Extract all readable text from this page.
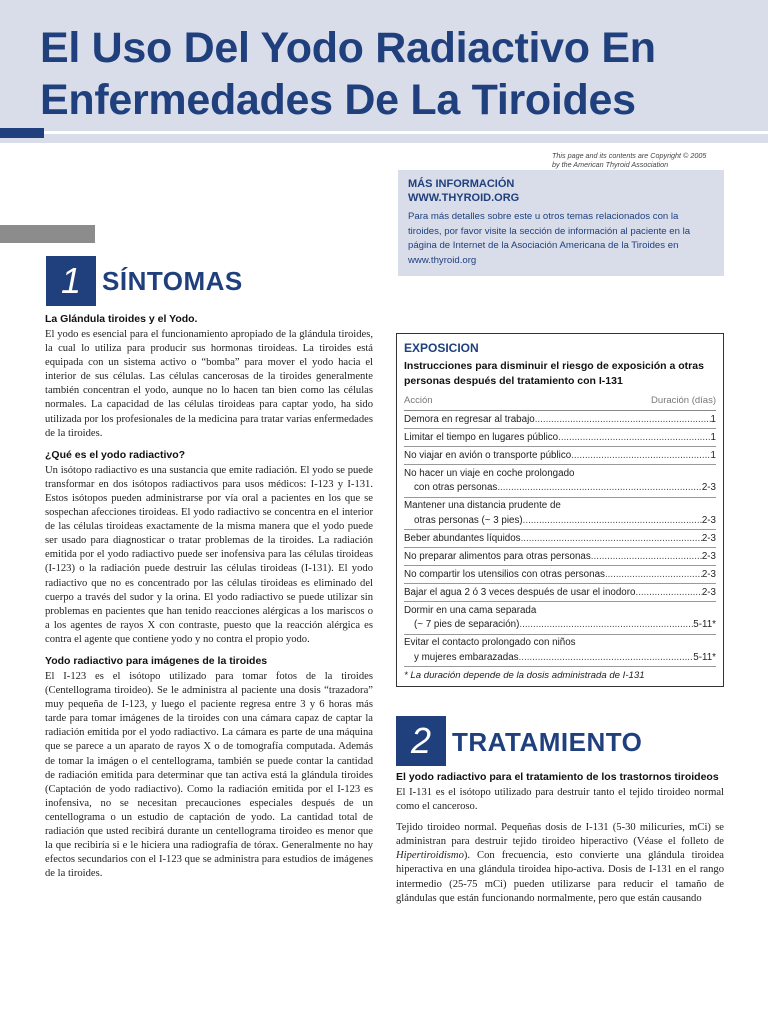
El Uso Del Yodo Radiactivo En
Enfermedades De La Tiroides
This page and its contents are Copyright © 2005
by the American Thyroid Association
MÁS INFORMACIÓN
WWW.THYROID.ORG
Para más detalles sobre este u otros temas relacionados con la tiroides, por favor visite la sección de información al paciente en la página de Internet de la Asociación Americana de la Tiroides en www.thyroid.org
1 SÍNTOMAS
La Glándula tiroides y el Yodo.

El yodo es esencial para el funcionamiento apropiado de la glándula tiroides, la cual lo utiliza para producir sus hormonas tiroideas. La tiroides está equipada con un sistema activo o “bomba” para mover el yodo hacia el interior de sus células. Las células cancerosas de la tiroides generalmente también concentran el yodo, aunque no lo hacen tan bien como las células normales. La capacidad de las células tiroideas para captar yodo, ha sido utilizada por los profesionales de la medicina para tratar varias enfermedades de la tiroides.

¿Qué es el yodo radiactivo?

Un isótopo radiactivo es una sustancia que emite radiación. El yodo se puede transformar en dos isótopos radiactivos para usos médicos: I-123 y I-131. Estos isótopos pueden administrarse por vía oral a pacientes en los que se sospechan afecciones tiroideas. El yodo radiactivo se concentra en el interior de las células tiroideas exactamente de la misma manera que el yodo puede ser usado para diagnosticar o tratar problemas de la tiroides. La radiación emitida por el yodo radiactivo puede ser inofensiva para las células tiroideas (I-123) o la radiación puede destruir las células tiroideas (I-131). El yodo radiactivo que no es concentrado por las células tiroideas es eliminado del cuerpo a través del sudor y la orina. El yodo radiactivo se puede utilizar sin problemas en pacientes que han tenido reacciones alérgicas a los mariscos o a los agentes de rayos X con contraste, puesto que la reacción alérgica es contra el agente que contiene yodo y no contra el propio yodo.

Yodo radiactivo para imágenes de la tiroides

El I-123 es el isótopo utilizado para tomar fotos de la tiroides (Centellograma tiroideo). Se le administra al paciente una dosis “trazadora” muy pequeña de I-123, y luego el paciente regresa entre 3 y 6 horas más tarde para tomar imágenes de la tiroides con una cámara capaz de captar la radiación emitida por el yodo radiactivo. La cámara es parte de una máquina que se parece a un aparato de rayos X o de tomografía computada. Además de tomar la imágen o el centellograma, también se puede contar la cantidad de radiación emitida para determinar que tan activa está la glándula tiroides (Captación de yodo radiactivo). Como la radiación emitida por el I-123 es inofensiva, no se necesitan precauciones especiales después de un centellograma o un estudio de captación de yodo. La cantidad total de radiación que usted recibirá durante un centellograma tiroideo es menor que la que recibiría si e le hiciera una radiografía de tórax. Generalmente no hay efectos secundarios con el I-123 que se administra para estudios de imágenes de la tiroides.

EXPOSICION
Instrucciones para disminuir el riesgo de exposición a otras personas después del tratamiento con I-131
Acción	Duración (días)
Demora en regresar al trabajo .....	1
Limitar el tiempo en lugares público .....	1
No viajar en avión o transporte público .....	1
No hacer un viaje en coche prolongado
con otras personas .....	2-3
Mantener una distancia prudente de
otras personas (~ 3 pies) .....	2-3
Beber abundantes líquidos .....	2-3
No preparar alimentos para otras personas .....	2-3
No compartir los utensilios con otras personas .....	2-3
Bajar el agua 2 ó 3 veces después de usar el inodoro .....	2-3
Dormir en una cama separada
(~ 7 pies de separación) .....	5-11*
Evitar el contacto prolongado con niños
y mujeres embarazadas .....	5-11*
* La duración depende de la dosis administrada de I-131
2 TRATAMIENTO
El yodo radiactivo para el tratamiento de los trastornos tiroideos

El I-131 es el isótopo utilizado para destruir tanto el tejido tiroideo normal como el canceroso.

Tejido tiroideo normal. Pequeñas dosis de I-131 (5-30 milicuries, mCi) se administran para destruir tejido tiroideo hiperactivo (Véase el folleto de Hipertiroidismo). Con frecuencia, esto convierte una glándula tiroidea hiperactiva en una glándula tiroidea hipo-activa. Dosis de I-131 en el rango intermedio (25-75 mCi) pueden utilizarse para reducir el tamaño de glándulas que están funcionando normalmente, pero que están causando
